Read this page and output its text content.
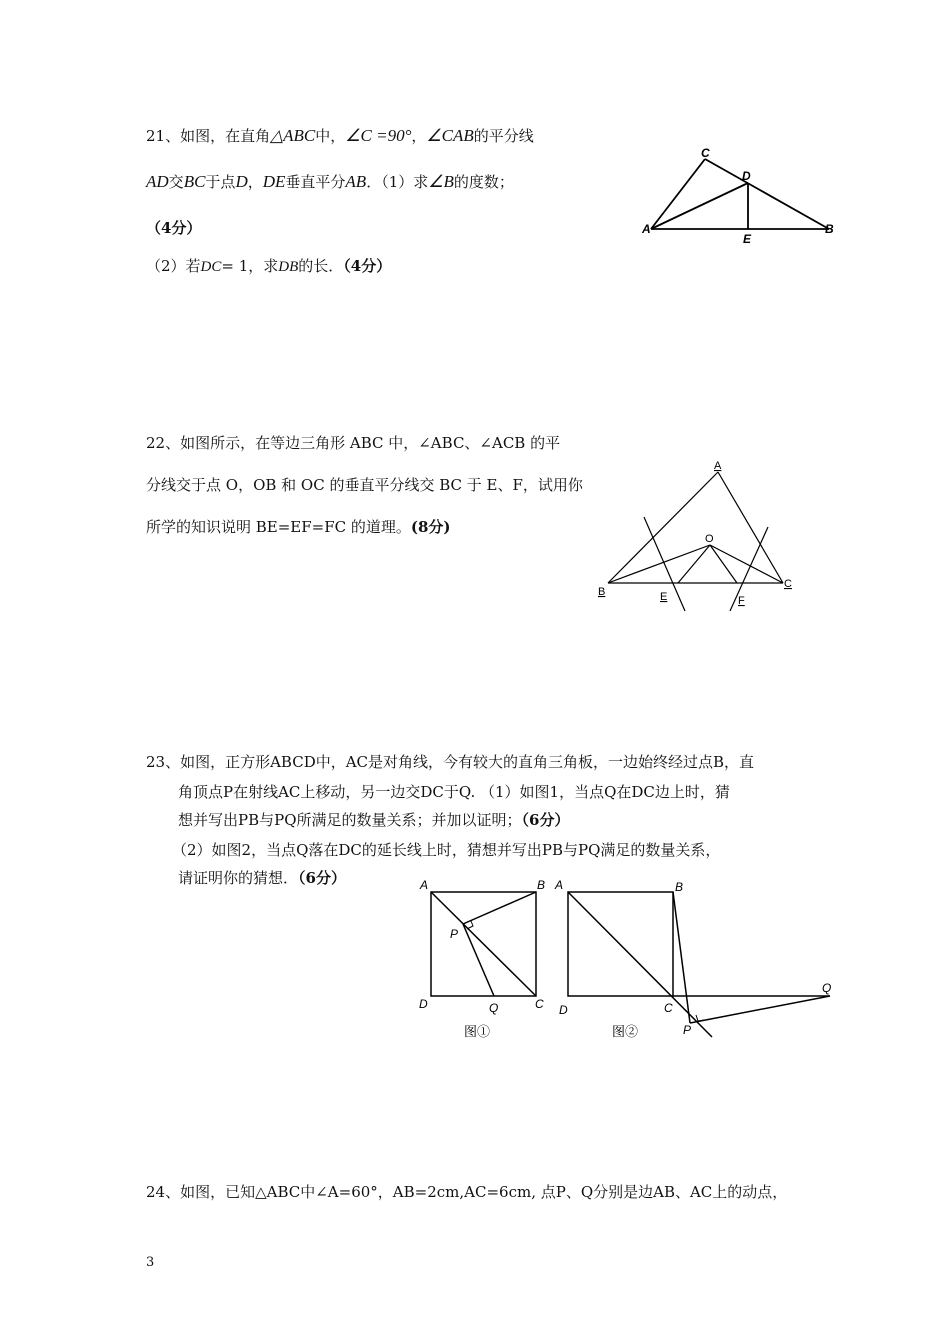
21、如图，在直角△ABC中，∠C =90°，∠CAB的平分线
AD交BC于点D，DE垂直平分AB．（1）求∠B的度数；
（4分）
（2）若DC= 1，求DB的长．（4分）
C
D
A
E
B
22、如图所示，在等边三角形 ABC 中，∠ABC、∠ACB 的平
分线交于点 O，OB 和 OC 的垂直平分线交 BC 于 E、F，试用你
所学的知识说明 BE=EF=FC 的道理。(8分)
A
O
B
C
E	F
23、如图，正方形ABCD中，AC是对角线，今有较大的直角三角板，一边始终经过点B，直
角顶点P在射线AC上移动，另一边交DC于Q. （1）如图1，当点Q在DC边上时，猜
想并写出PB与PQ所满足的数量关系；并加以证明；（6分）
（2）如图2，当点Q落在DC的延长线上时，猜想并写出PB与PQ满足的数量关系，
请证明你的猜想．（6分）	A	B
P
D	Q	C
图①
A	B
D	C
P
Q
图②
24、如图，已知△ABC中∠A=60°，AB=2cm,AC=6cm, 点P、Q分别是边AB、AC上的动点，
3
